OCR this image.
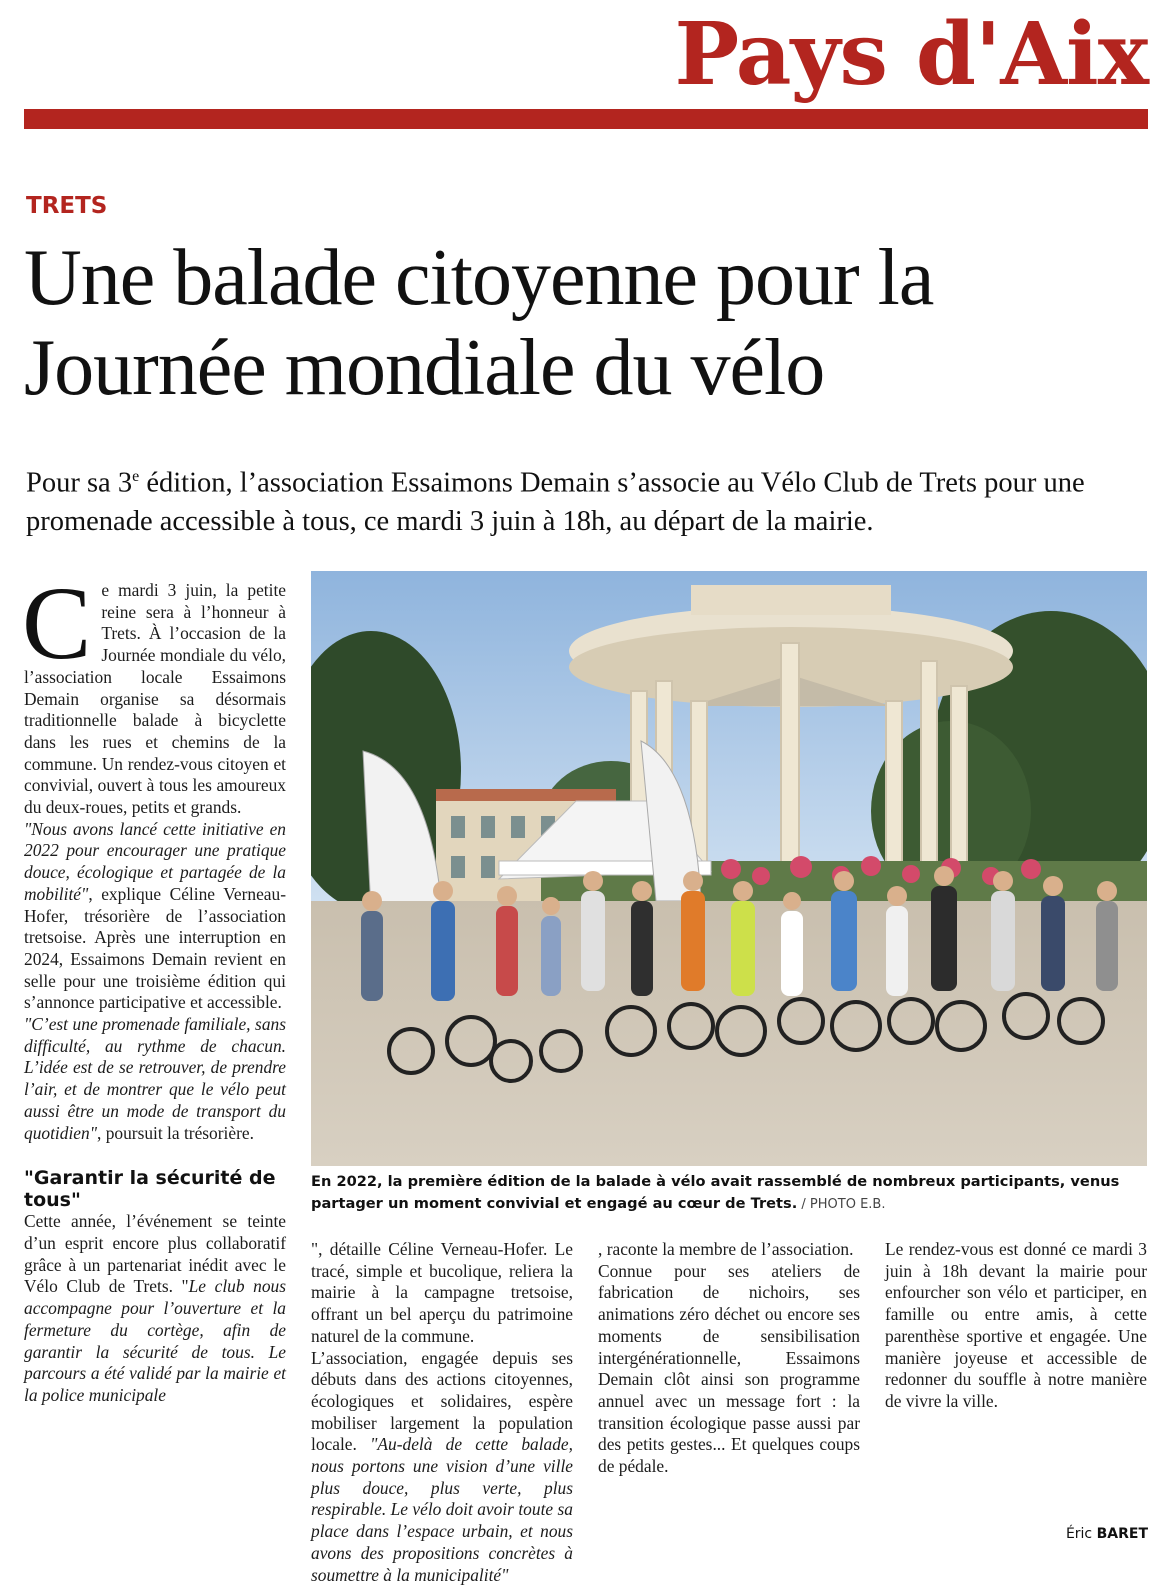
Pays d'Aix
TRETS
Une balade citoyenne pour la Journée mondiale du vélo
Pour sa 3e édition, l’association Essaimons Demain s’associe au Vélo Club de Trets pour une promenade accessible à tous, ce mardi 3 juin à 18h, au départ de la mairie.

Ce mardi 3 juin, la petite reine sera à l’honneur à Trets. À l’occasion de la Journée mondiale du vélo, l’association locale Essaimons Demain organise sa désormais traditionnelle balade à bicyclette dans les rues et chemins de la commune. Un rendez-vous citoyen et convivial, ouvert à tous les amoureux du deux-roues, petits et grands.

"Nous avons lancé cette initiative en 2022 pour encourager une pratique douce, écologique et partagée de la mobilité", explique Céline Verneau-Hofer, trésorière de l’association tretsoise. Après une interruption en 2024, Essaimons Demain revient en selle pour une troisième édition qui s’annonce participative et accessible.

"C’est une promenade familiale, sans difficulté, au rythme de chacun. L’idée est de se retrouver, de prendre l’air, et de montrer que le vélo peut aussi être un mode de transport du quotidien", poursuit la trésorière.

"Garantir la sécurité de tous"

Cette année, l’événement se teinte d’un esprit encore plus collaboratif grâce à un partenariat inédit avec le Vélo Club de Trets. "Le club nous accompagne pour l’ouverture et la fermeture du cortège, afin de garantir la sécurité de tous. Le parcours a été validé par la mairie et la police municipale

En 2022, la première édition de la balade à vélo avait rassemblé de nombreux participants, venus partager un moment convivial et engagé au cœur de Trets. / PHOTO E.B.

", détaille Céline Verneau-Hofer. Le tracé, simple et bucolique, reliera la mairie à la campagne tretsoise, offrant un bel aperçu du patrimoine naturel de la commune.

L’association, engagée depuis ses débuts dans des actions citoyennes, écologiques et solidaires, espère mobiliser largement la population locale. "Au-delà de cette balade, nous portons une vision d’une ville plus douce, plus verte, plus respirable. Le vélo doit avoir toute sa place dans l’espace urbain, et nous avons des propositions concrètes à soumettre à la municipalité"

, raconte la membre de l’association.

Connue pour ses ateliers de fabrication de nichoirs, ses animations zéro déchet ou encore ses moments de sensibilisation intergénérationnelle, Essaimons Demain clôt ainsi son programme annuel avec un message fort : la transition écologique passe aussi par des petits gestes... Et quelques coups de pédale.

Le rendez-vous est donné ce mardi 3 juin à 18h devant la mairie pour enfourcher son vélo et participer, en famille ou entre amis, à cette parenthèse sportive et engagée. Une manière joyeuse et accessible de redonner du souffle à notre manière de vivre la ville.

Éric BARET
